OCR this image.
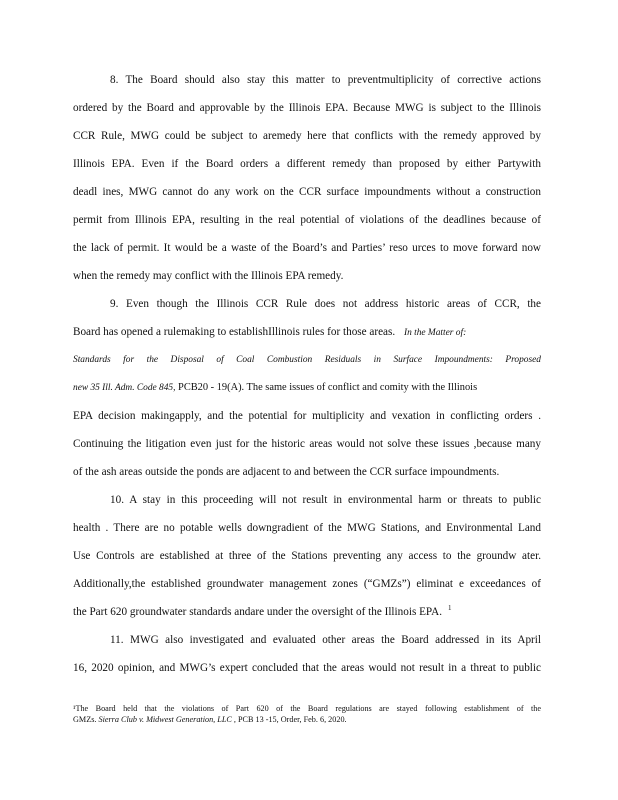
8. The Board should also stay this matter to preventmultiplicity of corrective actions
ordered by the Board and approvable by the Illinois EPA. Because MWG is subject to the Illinois
CCR Rule, MWG could be subject to aremedy here that conflicts with the remedy approved by
Illinois EPA. Even if the Board orders a different remedy than proposed by either Partywith
deadl ines, MWG cannot do any work on the CCR surface impoundments without a construction
permit from Illinois EPA, resulting in the real potential of violations of the deadlines because of
the lack of permit. It would be a waste of the Board’s and Parties’ reso urces to move forward now
when the remedy may conflict with the Illinois EPA remedy.
9. Even though the Illinois CCR Rule does not address historic areas of CCR, the
Board has opened a rulemaking to establishIllinois rules for those areas. In the Matter of:
Standards for the Disposal of Coal Combustion Residuals in Surface Impoundments: Proposed
new 35 Ill. Adm. Code 845, PCB20 - 19(A). The same issues of conflict and comity with the Illinois
EPA decision makingapply, and the potential for multiplicity and vexation in conflicting orders .
Continuing the litigation even just for the historic areas would not solve these issues ,because many
of the ash areas outside the ponds are adjacent to and between the CCR surface impoundments.
10. A stay in this proceeding will not result in environmental harm or threats to public
health . There are no potable wells downgradient of the MWG Stations, and Environmental Land
Use Controls are established at three of the Stations preventing any access to the groundw ater.
Additionally,the established groundwater management zones (“GMZs”) eliminat e exceedances of
the Part 620 groundwater standards andare under the oversight of the Illinois EPA. $^1$
11. MWG also investigated and evaluated other areas the Board addressed in its April
16, 2020 opinion, and MWG’s expert concluded that the areas would not result in a threat to public
¹The Board held that the violations of Part 620 of the Board regulations are stayed following establishment of the
GMZs. Sierra Club v. Midwest Generation, LLC , PCB 13 -15, Order, Feb. 6, 2020.
